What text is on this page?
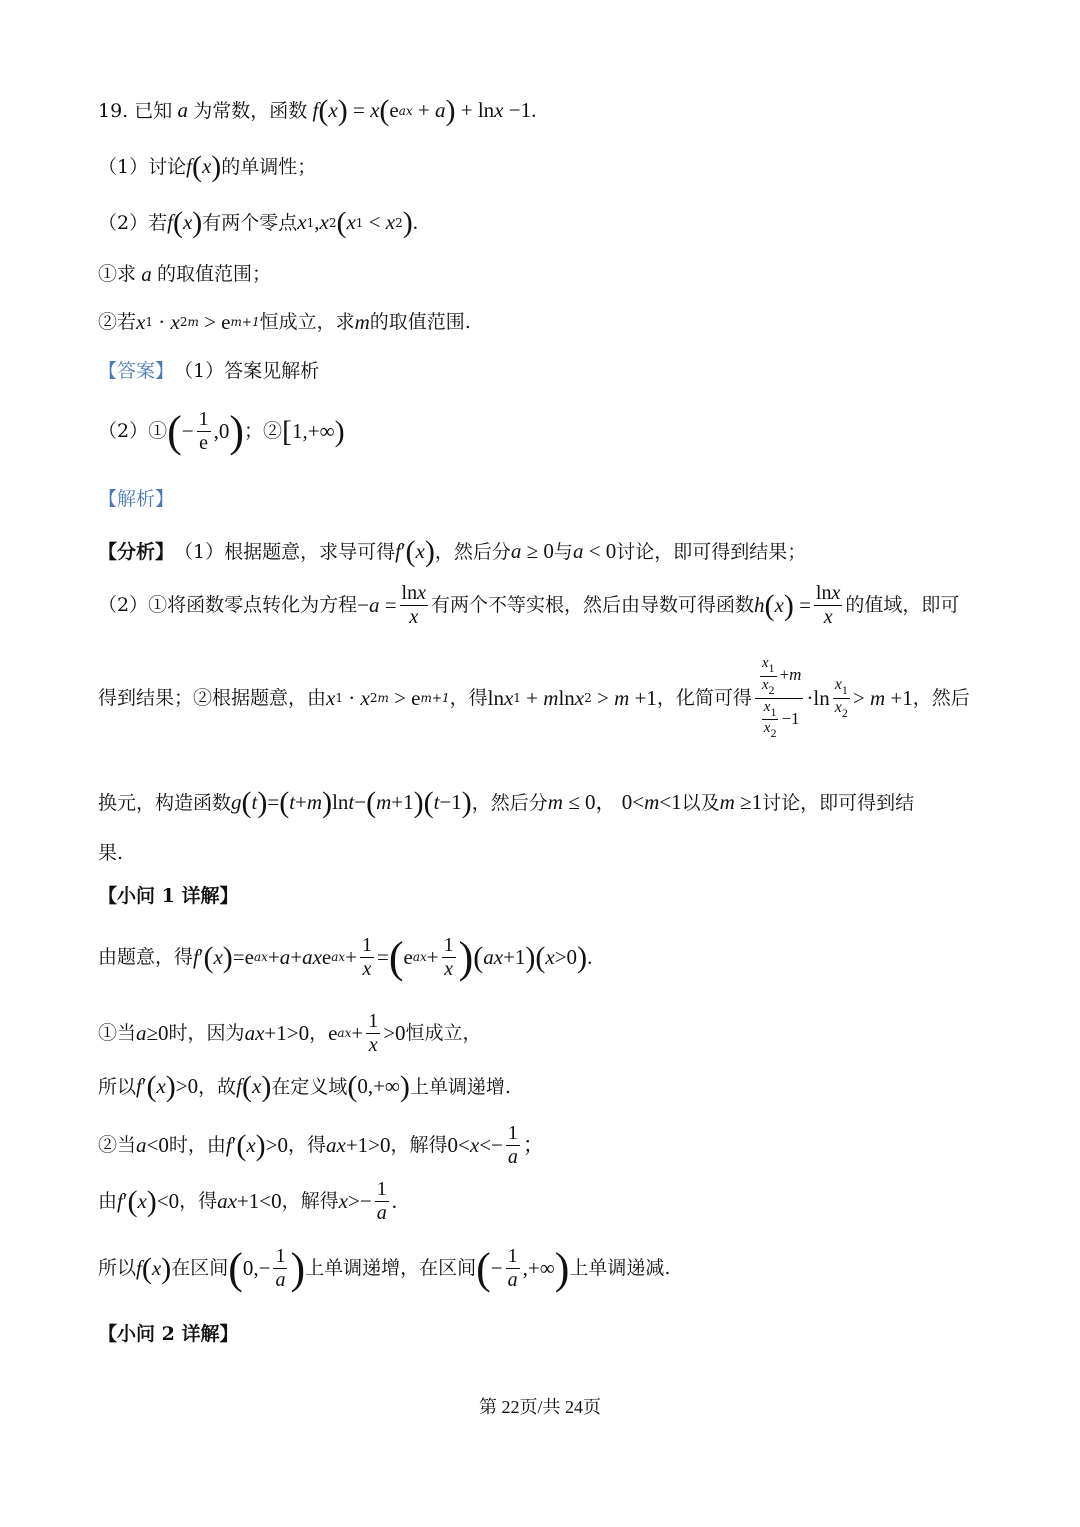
19.
已知 a 为常数，函数 f ( x ) = x ( e ax + a ) + ln x −1.
（1）讨论 f ( x ) 的单调性；
（2）若 f ( x ) 有两个零点 x 1 , x 2 ( x 1 < x 2 ) .
①求 a 的取值范围；
②若 x 1 · x 2 m > e m+1 恒成立，求 m 的取值范围.
【答案】 （1）答案见解析
（2）① ( − $\frac{1}{e} ,0$ ) ；② [ 1,+∞ )
【解析】
【分析】 （1）根据题意，求导可得 f ′ ( x ) ，然后分 a ≥ 0 与 a < 0 讨论，即可得到结果；
（2）①将函数零点转化为方程 − $a = \frac{\ln x}{x}$ 有两个不等实根，然后由导数可得函数 h ( x ) = $\frac{\ln x}{x}$ 的值域，即可
得到结果；②根据题意，由 x 1 · x 2 m > e m+1 ，得 ln x 1 + m ln x 2 > m +1 ，化简可得 $\frac{\frac{x_1}{x_2} +m}{\frac{x_1}{x_2} -1} \cdot\ln \frac{x_1}{x_2} > m +1$ ，然后
换元，构造函数 g ( t ) = ( t + m ) ln t − ( m +1 )( t −1 ) ，然后分 m ≤ 0， 0< m <1 以及 m ≥1 讨论，即可得到结
果.
【小问 1 详解】
由题意，得 f ′ ( x ) =e ax + a + ax e ax + $\frac{1}{x}$ = ( e ax + $\frac{1}{x}$ ) ( ax +1 )( x >0 ) .
①当 a ≥0 时，因为 ax +1>0 ， e ax + $\frac{1}{x} >0$ 恒成立，
所以 f ′ ( x ) >0 ，故 f ( x ) 在定义域 ( 0,+∞ ) 上单调递增.
②当 a <0 时，由 f ′ ( x ) >0 ，得 ax +1>0 ，解得 $0< x <- \frac{1}{a}$ ；
由 f ′ ( x ) <0 ，得 ax +1<0 ，解得 $x >- \frac{1}{a}$ .
所以 f ( x ) 在区间 ( $0,- \frac{1}{a}$ ) 上单调递增，在区间 ( − $\frac{1}{a}$ ,+∞ ) 上单调递减.
【小问 2 详解】
第 22页/共 24页
